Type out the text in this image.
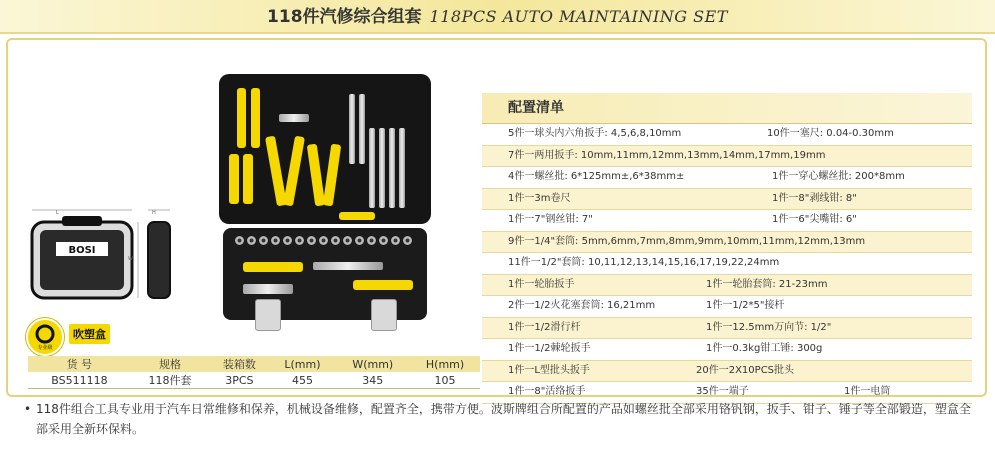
118件汽修综合组套 118PCS AUTO MAINTAINING SET
BOSI
L
W
H
专业级
吹塑盒
货 号	规格	装箱数	L(mm)	W(mm)	H(mm)
BS511118	118件套	3PCS	455	345	105
配置清单
5件一球头内六角扳手: 4,5,6,8,10mm	10件一塞尺: 0.04-0.30mm
7件一两用扳手: 10mm,11mm,12mm,13mm,14mm,17mm,19mm
4件一螺丝批: 6*125mm±,6*38mm±	1件一穿心螺丝批: 200*8mm
1件一3m卷尺	1件一8"剥线钳: 8"
1件一7"钢丝钳: 7"	1件一6"尖嘴钳: 6"
9件一1/4"套筒: 5mm,6mm,7mm,8mm,9mm,10mm,11mm,12mm,13mm
11件一1/2"套筒: 10,11,12,13,14,15,16,17,19,22,24mm
1件一轮胎扳手	1件一轮胎套筒: 21-23mm
2件一1/2火花塞套筒: 16,21mm	1件一1/2*5"接杆
1件一1/2滑行杆	1件一12.5mm万向节: 1/2"
1件一1/2棘轮扳手	1件一0.3kg钳工锤: 300g
1件一L型批头扳手	20件一2X10PCS批头
1件一8"活络扳手	35件一端子	1件一电筒
• 118件组合工具专业用于汽车日常维修和保养，机械设备维修，配置齐全，携带方便。波斯牌组合所配置的产品如螺丝批全部采用铬钒钢，扳手、钳子、锤子等全部锻造，塑盒全部采用全新环保料。
